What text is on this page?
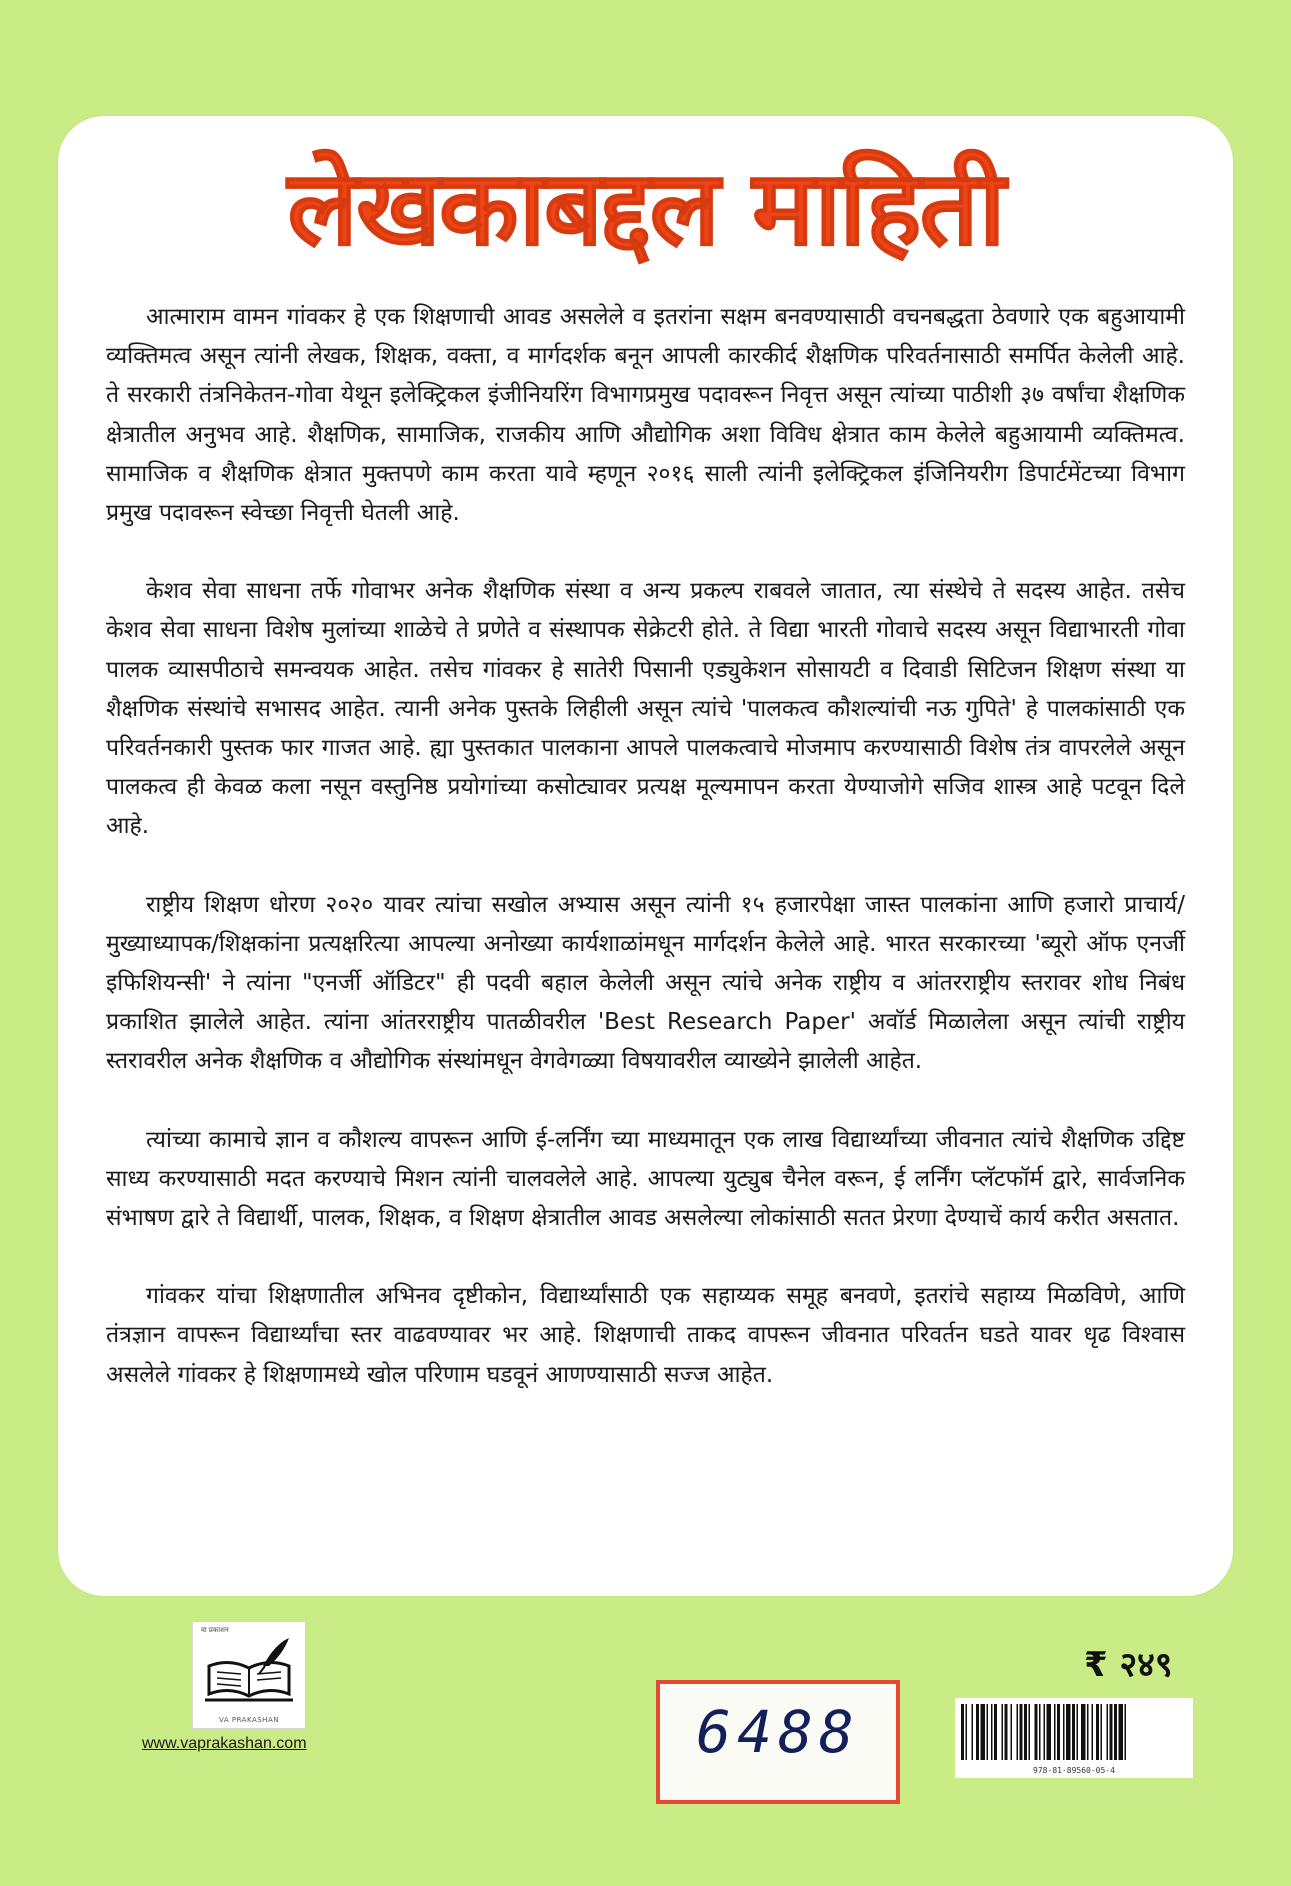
लेखकाबद्दल माहिती

आत्माराम वामन गांवकर हे एक शिक्षणाची आवड असलेले व इतरांना सक्षम बनवण्यासाठी वचनबद्धता ठेवणारे एक बहुआयामी व्यक्तिमत्व असून त्यांनी लेखक, शिक्षक, वक्ता, व मार्गदर्शक बनून आपली कारकीर्द शैक्षणिक परिवर्तनासाठी समर्पित केलेली आहे. ते सरकारी तंत्रनिकेतन-गोवा येथून इलेक्ट्रिकल इंजीनियरिंग विभागप्रमुख पदावरून निवृत्त असून त्यांच्या पाठीशी ३७ वर्षांचा शैक्षणिक क्षेत्रातील अनुभव आहे. शैक्षणिक, सामाजिक, राजकीय आणि औद्योगिक अशा विविध क्षेत्रात काम केलेले बहुआयामी व्यक्तिमत्व. सामाजिक व शैक्षणिक क्षेत्रात मुक्तपणे काम करता यावे म्हणून २०१६ साली त्यांनी इलेक्ट्रिकल इंजिनियरीग डिपार्टमेंटच्या विभाग प्रमुख पदावरून स्वेच्छा निवृत्ती घेतली आहे.

केशव सेवा साधना तर्फे गोवाभर अनेक शैक्षणिक संस्था व अन्य प्रकल्प राबवले जातात, त्या संस्थेचे ते सदस्य आहेत. तसेच केशव सेवा साधना विशेष मुलांच्या शाळेचे ते प्रणेते व संस्थापक सेक्रेटरी होते. ते विद्या भारती गोवाचे सदस्य असून विद्याभारती गोवा पालक व्यासपीठाचे समन्वयक आहेत. तसेच गांवकर हे सातेरी पिसानी एड्युकेशन सोसायटी व दिवाडी सिटिजन शिक्षण संस्था या शैक्षणिक संस्थांचे सभासद आहेत. त्यानी अनेक पुस्तके लिहीली असून त्यांचे 'पालकत्व कौशल्यांची नऊ गुपिते' हे पालकांसाठी एक परिवर्तनकारी पुस्तक फार गाजत आहे. ह्या पुस्तकात पालकाना आपले पालकत्वाचे मोजमाप करण्यासाठी विशेष तंत्र वापरलेले असून पालकत्व ही केवळ कला नसून वस्तुनिष्ठ प्रयोगांच्या कसोट्यावर प्रत्यक्ष मूल्यमापन करता येण्याजोगे सजिव शास्त्र आहे पटवून दिले आहे.

राष्ट्रीय शिक्षण धोरण २०२० यावर त्यांचा सखोल अभ्यास असून त्यांनी १५ हजारपेक्षा जास्त पालकांना आणि हजारो प्राचार्य/मुख्याध्यापक/शिक्षकांना प्रत्यक्षरित्या आपल्या अनोख्या कार्यशाळांमधून मार्गदर्शन केलेले आहे. भारत सरकारच्या 'ब्यूरो ऑफ एनर्जी इफिशियन्सी' ने त्यांना "एनर्जी ऑडिटर" ही पदवी बहाल केलेली असून त्यांचे अनेक राष्ट्रीय व आंतरराष्ट्रीय स्तरावर शोध निबंध प्रकाशित झालेले आहेत. त्यांना आंतरराष्ट्रीय पातळीवरील 'Best Research Paper' अवॉर्ड मिळालेला असून त्यांची राष्ट्रीय स्तरावरील अनेक शैक्षणिक व औद्योगिक संस्थांमधून वेगवेगळ्या विषयावरील व्याख्येने झालेली आहेत.

त्यांच्या कामाचे ज्ञान व कौशल्य वापरून आणि ई-लर्निंग च्या माध्यमातून एक लाख विद्यार्थ्यांच्या जीवनात त्यांचे शैक्षणिक उद्दिष्ट साध्य करण्यासाठी मदत करण्याचे मिशन त्यांनी चालवलेले आहे. आपल्या युट्युब चैनेल वरून, ई लर्निंग प्लॅटफॉर्म द्वारे, सार्वजनिक संभाषण द्वारे ते विद्यार्थी, पालक, शिक्षक, व शिक्षण क्षेत्रातील आवड असलेल्या लोकांसाठी सतत प्रेरणा देण्याचें कार्य करीत असतात.

गांवकर यांचा शिक्षणातील अभिनव दृष्टीकोन, विद्यार्थ्यांसाठी एक सहाय्यक समूह बनवणे, इतरांचे सहाय्य मिळविणे, आणि तंत्रज्ञान वापरून विद्यार्थ्यांचा स्तर वाढवण्यावर भर आहे. शिक्षणाची ताकद वापरून जीवनात परिवर्तन घडते यावर धृढ विश्वास असलेले गांवकर हे शिक्षणामध्ये खोल परिणाम घडवूनं आणण्यासाठी सज्ज आहेत.

वा प्रकाशन
VA PRAKASHAN
www.vaprakashan.com	6488
₹ २४९
978-81-89560-05-4
